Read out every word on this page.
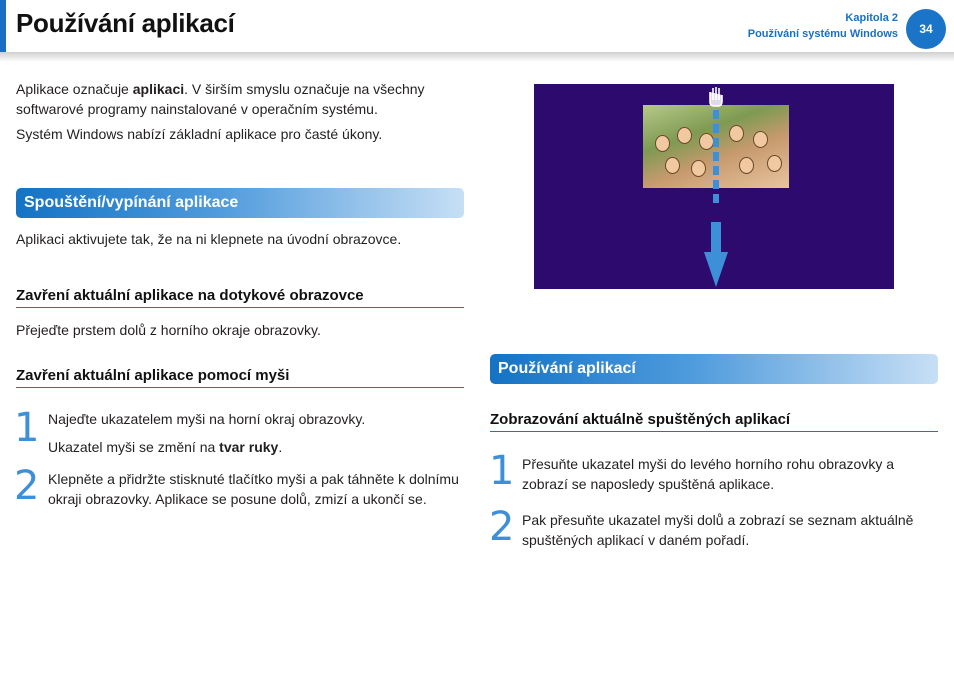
Používání aplikací	Kapitola 2
Používání systému Windows	34

Aplikace označuje aplikaci. V širším smyslu označuje na všechny softwarové programy nainstalované v operačním systému.

Systém Windows nabízí základní aplikace pro časté úkony.

Spouštění/vypínání aplikace

Aplikaci aktivujete tak, že na ni klepnete na úvodní obrazovce.

Zavření aktuální aplikace na dotykové obrazovce

Přejeďte prstem dolů z horního okraje obrazovky.

Zavření aktuální aplikace pomocí myši
1 Najeďte ukazatelem myši na horní okraj obrazovky.

Ukazatel myši se změní na tvar ruky.

2 Klepněte a přidržte stisknuté tlačítko myši a pak táhněte k dolnímu okraji obrazovky. Aplikace se posune dolů, zmizí a ukončí se.

Používání aplikací
Zobrazování aktuálně spuštěných aplikací
1 Přesuňte ukazatel myši do levého horního rohu obrazovky a zobrazí se naposledy spuštěná aplikace.

2 Pak přesuňte ukazatel myši dolů a zobrazí se seznam aktuálně spuštěných aplikací v daném pořadí.
